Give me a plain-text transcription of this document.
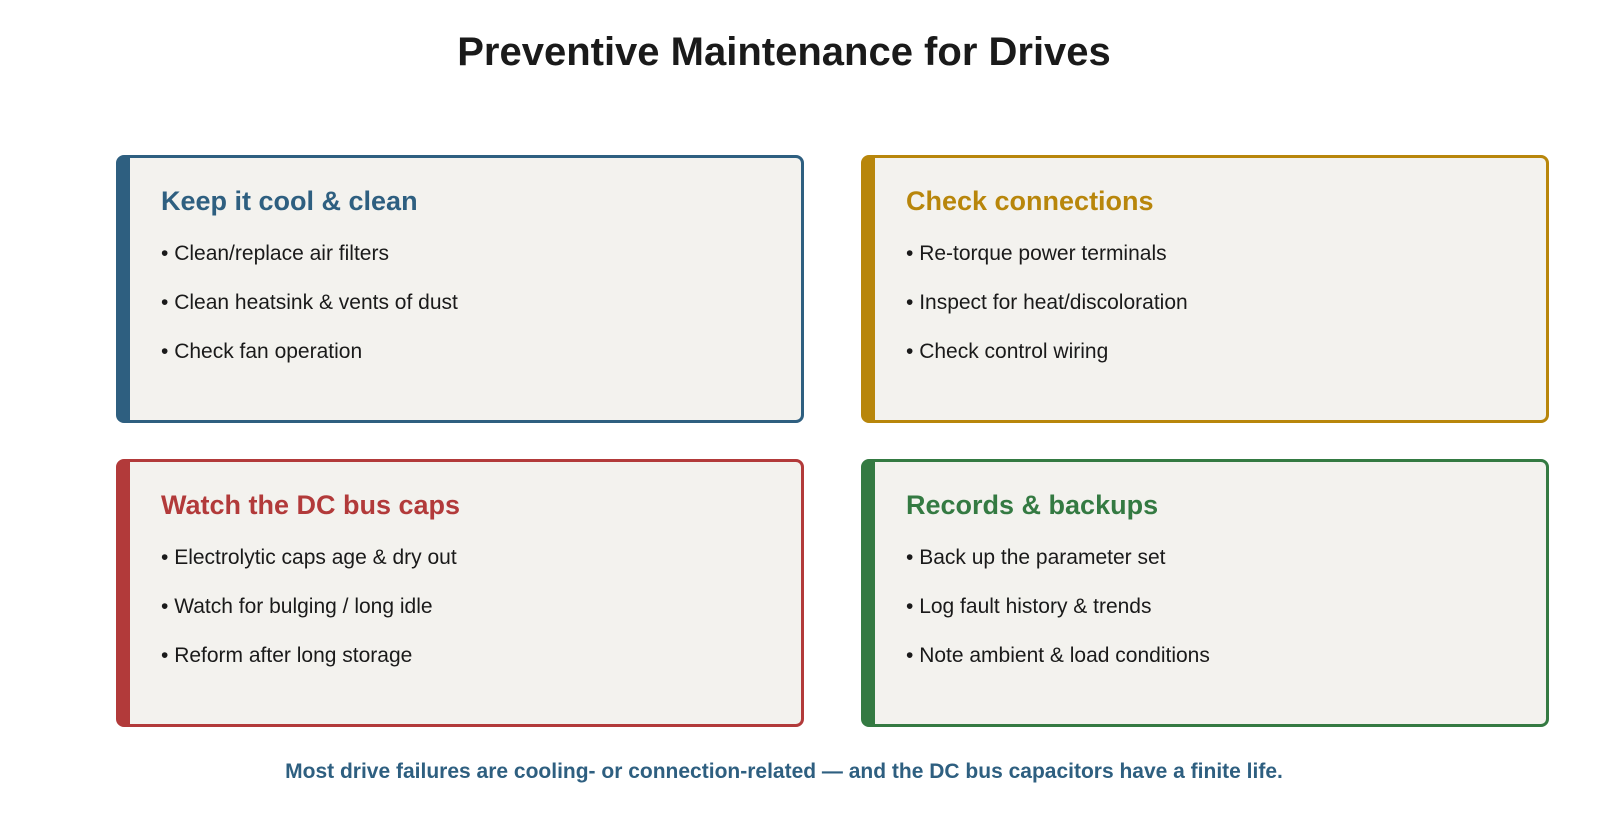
Preventive Maintenance for Drives
Keep it cool & clean
• Clean/replace air filters
• Clean heatsink & vents of dust
• Check fan operation
Check connections
• Re-torque power terminals
• Inspect for heat/discoloration
• Check control wiring
Watch the DC bus caps
• Electrolytic caps age & dry out
• Watch for bulging / long idle
• Reform after long storage
Records & backups
• Back up the parameter set
• Log fault history & trends
• Note ambient & load conditions

Most drive failures are cooling- or connection-related — and the DC bus capacitors have a finite life.
